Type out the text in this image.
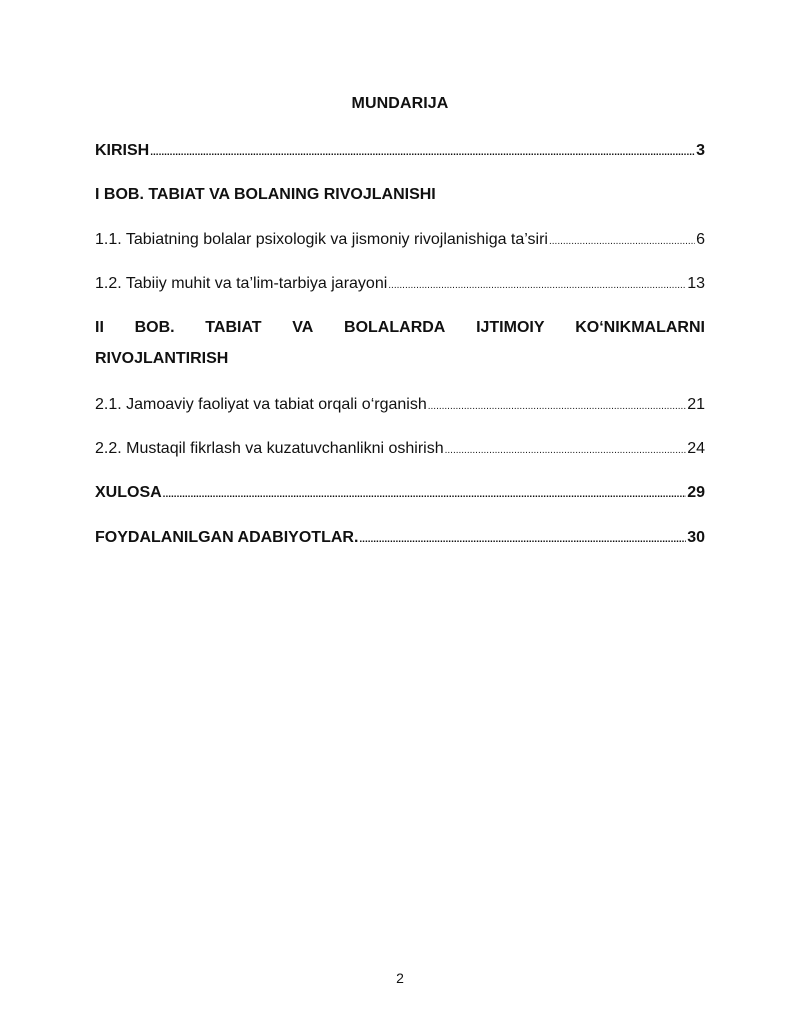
MUNDARIJA
KIRISH .....	3
I BOB. TABIAT VA BOLANING RIVOJLANISHI
1.1. Tabiatning bolalar psixologik va jismoniy rivojlanishiga ta’siri .....	6
1.2. Tabiiy muhit va ta’lim-tarbiya jarayoni .....	13
II BOB. TABIAT VA BOLALARDA IJTIMOIY KO‘NIKMALARNI
RIVOJLANTIRISH
2.1. Jamoaviy faoliyat va tabiat orqali o‘rganish .....	21
2.2. Mustaqil fikrlash va kuzatuvchanlikni oshirish .....	24
XULOSA .....	29
FOYDALANILGAN ADABIYOTLAR. .....	30
2
